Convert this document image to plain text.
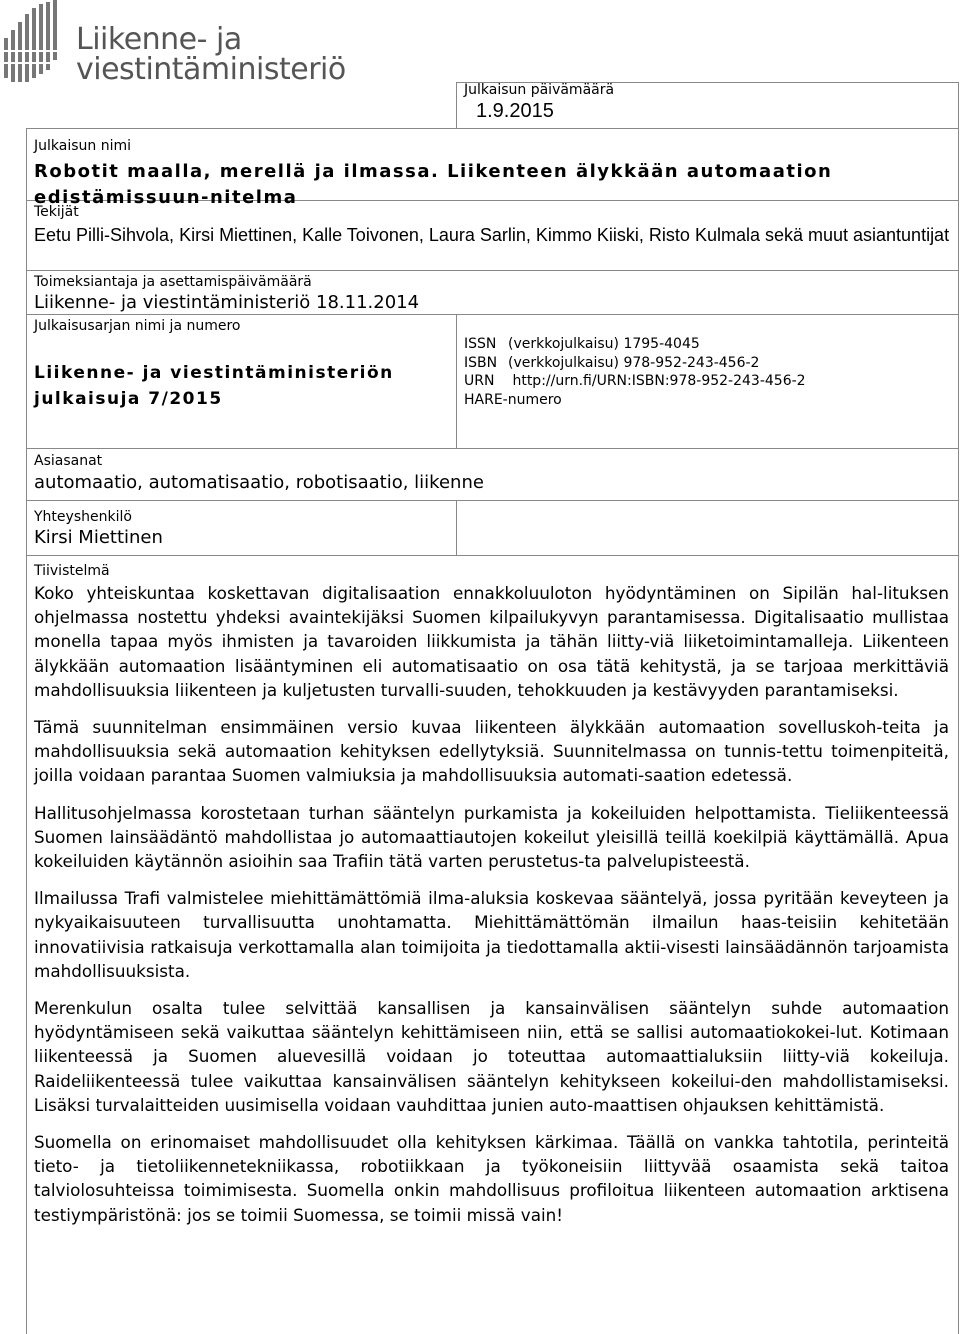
Liikenne- ja
viestintäministeriö
Julkaisun päivämäärä
1.9.2015
Julkaisun nimi
Robotit maalla, merellä ja ilmassa. Liikenteen älykkään automaation edistämissuun-nitelma
Tekijät
Eetu Pilli-Sihvola, Kirsi Miettinen, Kalle Toivonen, Laura Sarlin, Kimmo Kiiski, Risto Kulmala sekä muut asiantuntijat
Toimeksiantaja ja asettamispäivämäärä
Liikenne- ja viestintäministeriö 18.11.2014
Julkaisusarjan nimi ja numero
Liikenne- ja viestintäministeriön
julkaisuja 7/2015
ISSN (verkkojulkaisu) 1795-4045
ISBN (verkkojulkaisu) 978-952-243-456-2
URN http://urn.fi/URN:ISBN:978-952-243-456-2
HARE-numero
Asiasanat
automaatio, automatisaatio, robotisaatio, liikenne
Yhteyshenkilö
Kirsi Miettinen
Tiivistelmä

Koko yhteiskuntaa koskettavan digitalisaation ennakkoluuloton hyödyntäminen on Sipilän hal-lituksen ohjelmassa nostettu yhdeksi avaintekijäksi Suomen kilpailukyvyn parantamisessa. Digitalisaatio mullistaa monella tapaa myös ihmisten ja tavaroiden liikkumista ja tähän liitty-viä liiketoimintamalleja. Liikenteen älykkään automaation lisääntyminen eli automatisaatio on osa tätä kehitystä, ja se tarjoaa merkittäviä mahdollisuuksia liikenteen ja kuljetusten turvalli-suuden, tehokkuuden ja kestävyyden parantamiseksi.

Tämä suunnitelman ensimmäinen versio kuvaa liikenteen älykkään automaation sovelluskoh-teita ja mahdollisuuksia sekä automaation kehityksen edellytyksiä. Suunnitelmassa on tunnis-tettu toimenpiteitä, joilla voidaan parantaa Suomen valmiuksia ja mahdollisuuksia automati-saation edetessä.

Hallitusohjelmassa korostetaan turhan sääntelyn purkamista ja kokeiluiden helpottamista. Tieliikenteessä Suomen lainsäädäntö mahdollistaa jo automaattiautojen kokeilut yleisillä teillä koekilpiä käyttämällä. Apua kokeiluiden käytännön asioihin saa Trafiin tätä varten perustetus-ta palvelupisteestä.

Ilmailussa Trafi valmistelee miehittämättömiä ilma-aluksia koskevaa sääntelyä, jossa pyritään keveyteen ja nykyaikaisuuteen turvallisuutta unohtamatta. Miehittämättömän ilmailun haas-teisiin kehitetään innovatiivisia ratkaisuja verkottamalla alan toimijoita ja tiedottamalla aktii-visesti lainsäädännön tarjoamista mahdollisuuksista.

Merenkulun osalta tulee selvittää kansallisen ja kansainvälisen sääntelyn suhde automaation hyödyntämiseen sekä vaikuttaa sääntelyn kehittämiseen niin, että se sallisi automaatiokokei-lut. Kotimaan liikenteessä ja Suomen aluevesillä voidaan jo toteuttaa automaattialuksiin liitty-viä kokeiluja. Raideliikenteessä tulee vaikuttaa kansainvälisen sääntelyn kehitykseen kokeilui-den mahdollistamiseksi. Lisäksi turvalaitteiden uusimisella voidaan vauhdittaa junien auto-maattisen ohjauksen kehittämistä.

Suomella on erinomaiset mahdollisuudet olla kehityksen kärkimaa. Täällä on vankka tahtotila, perinteitä tieto- ja tietoliikennetekniikassa, robotiikkaan ja työkoneisiin liittyvää osaamista sekä taitoa talviolosuhteissa toimimisesta. Suomella onkin mahdollisuus profiloitua liikenteen automaation arktisena testiympäristönä: jos se toimii Suomessa, se toimii missä vain!
